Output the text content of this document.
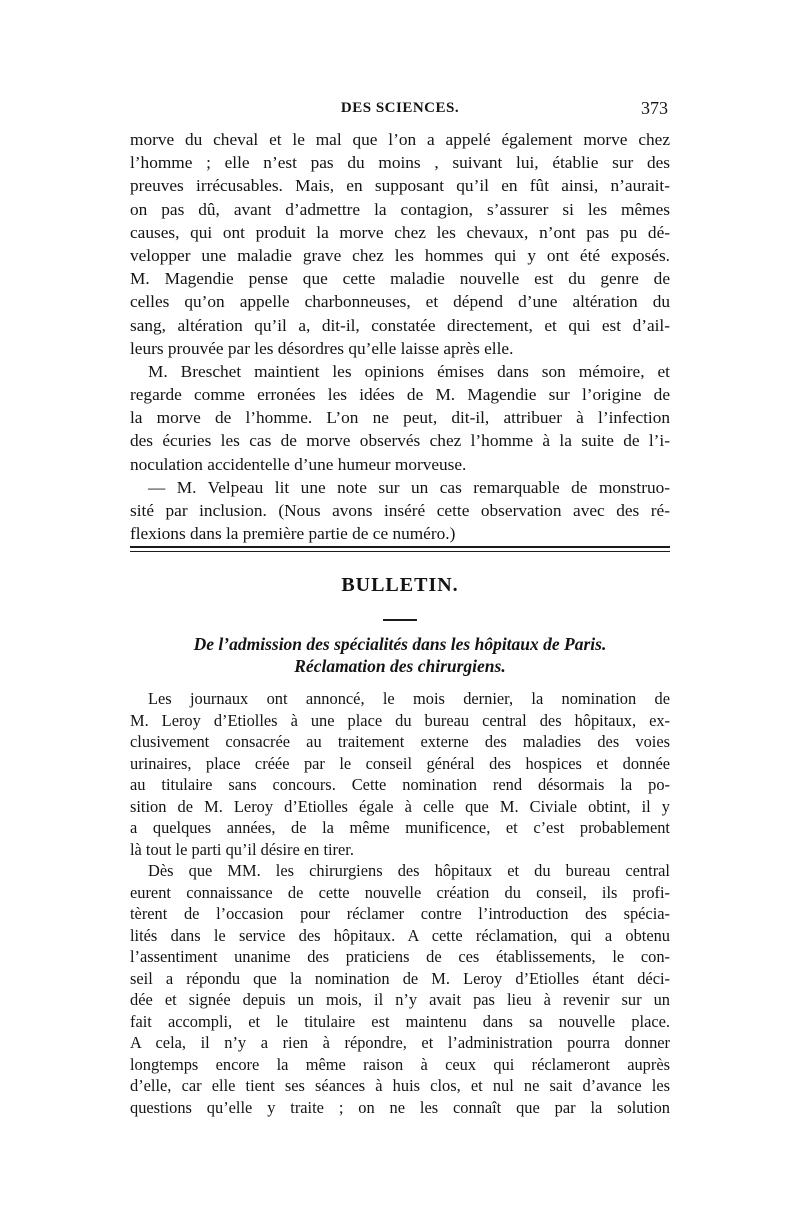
DES SCIENCES.	373
morve du cheval et le mal que l’on a appelé également morve chez
l’homme ; elle n’est pas du moins , suivant lui, établie sur des
preuves irrécusables. Mais, en supposant qu’il en fût ainsi, n’aurait-
on pas dû, avant d’admettre la contagion, s’assurer si les mêmes
causes, qui ont produit la morve chez les chevaux, n’ont pas pu dé-
velopper une maladie grave chez les hommes qui y ont été exposés.
M. Magendie pense que cette maladie nouvelle est du genre de
celles qu’on appelle charbonneuses, et dépend d’une altération du
sang, altération qu’il a, dit-il, constatée directement, et qui est d’ail-
leurs prouvée par les désordres qu’elle laisse après elle.
M. Breschet maintient les opinions émises dans son mémoire, et
regarde comme erronées les idées de M. Magendie sur l’origine de
la morve de l’homme. L’on ne peut, dit-il, attribuer à l’infection
des écuries les cas de morve observés chez l’homme à la suite de l’i-
noculation accidentelle d’une humeur morveuse.
— M. Velpeau lit une note sur un cas remarquable de monstruo-
sité par inclusion. (Nous avons inséré cette observation avec des ré-
flexions dans la première partie de ce numéro.)
BULLETIN.
De l’admission des spécialités dans les hôpitaux de Paris.
Réclamation des chirurgiens.
Les journaux ont annoncé, le mois dernier, la nomination de
M. Leroy d’Etiolles à une place du bureau central des hôpitaux, ex-
clusivement consacrée au traitement externe des maladies des voies
urinaires, place créée par le conseil général des hospices et donnée
au titulaire sans concours. Cette nomination rend désormais la po-
sition de M. Leroy d’Etiolles égale à celle que M. Civiale obtint, il y
a quelques années, de la même munificence, et c’est probablement
là tout le parti qu’il désire en tirer.
Dès que MM. les chirurgiens des hôpitaux et du bureau central
eurent connaissance de cette nouvelle création du conseil, ils profi-
tèrent de l’occasion pour réclamer contre l’introduction des spécia-
lités dans le service des hôpitaux. A cette réclamation, qui a obtenu
l’assentiment unanime des praticiens de ces établissements, le con-
seil a répondu que la nomination de M. Leroy d’Etiolles étant déci-
dée et signée depuis un mois, il n’y avait pas lieu à revenir sur un
fait accompli, et le titulaire est maintenu dans sa nouvelle place.
A cela, il n’y a rien à répondre, et l’administration pourra donner
longtemps encore la même raison à ceux qui réclameront auprès
d’elle, car elle tient ses séances à huis clos, et nul ne sait d’avance les
questions qu’elle y traite ; on ne les connaît que par la solution
